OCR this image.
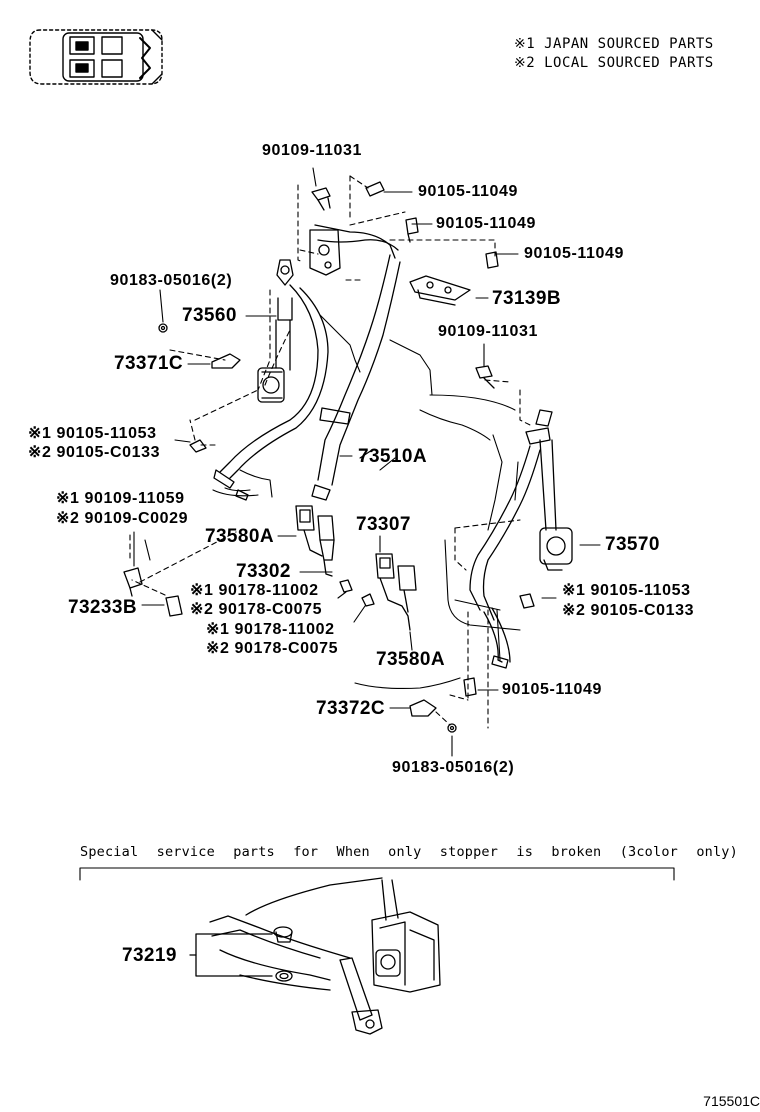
※1 JAPAN SOURCED PARTS
※2 LOCAL SOURCED PARTS
90109-11031
90105-11049
90105-11049
90105-11049
90183-05016(2)
73139B
73560
90109-11031
73371C
※1 90105-11053
※2 90105-C0133	73510A
※1 90109-11059
※2 90109-C0029	73307
73580A	73570
73302
※1 90178-11002	※1 90105-11053
73233B	※2 90178-C0075	※2 90105-C0133
※1 90178-11002
※2 90178-C0075
73580A
90105-11049
73372C
90183-05016(2)
Special service parts for When only stopper is broken (3color only)
73219
715501C
